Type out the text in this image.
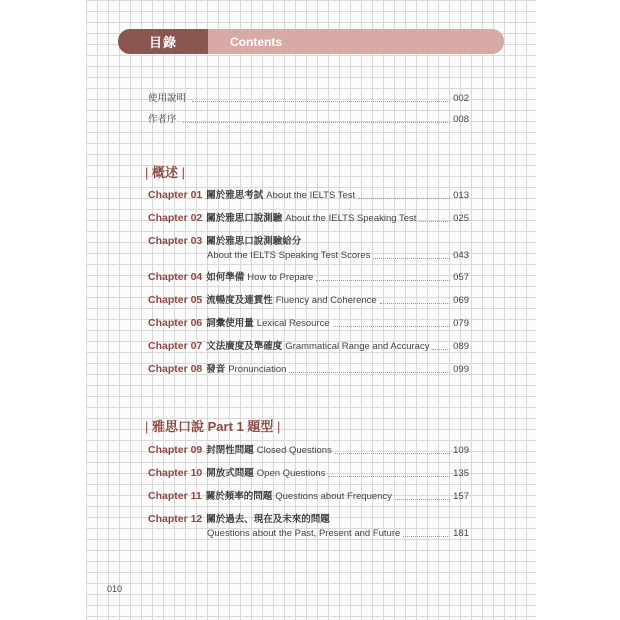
目錄	Contents
使用說明	002
作者序	008
| 概述 |
Chapter 01 關於雅思考試 About the IELTS Test	013
Chapter 02 關於雅思口說測驗 About the IELTS Speaking Test	025
Chapter 03 關於雅思口說測驗給分
About the IELTS Speaking Test Scores	043
Chapter 04 如何準備 How to Prepare	057
Chapter 05 流暢度及連貫性 Fluency and Coherence	069
Chapter 06 詞彙使用量 Lexical Resource	079
Chapter 07 文法廣度及準確度 Grammatical Range and Accuracy 089
Chapter 08 發音 Pronunciation	099
| 雅思口說 Part 1 題型 |
Chapter 09 封閉性問題 Closed Questions	109
Chapter 10 開放式問題 Open Questions	135
Chapter 11 關於頻率的問題 Questions about Frequency	157
Chapter 12 關於過去、現在及未來的問題
Questions about the Past, Present and Future	181
010
